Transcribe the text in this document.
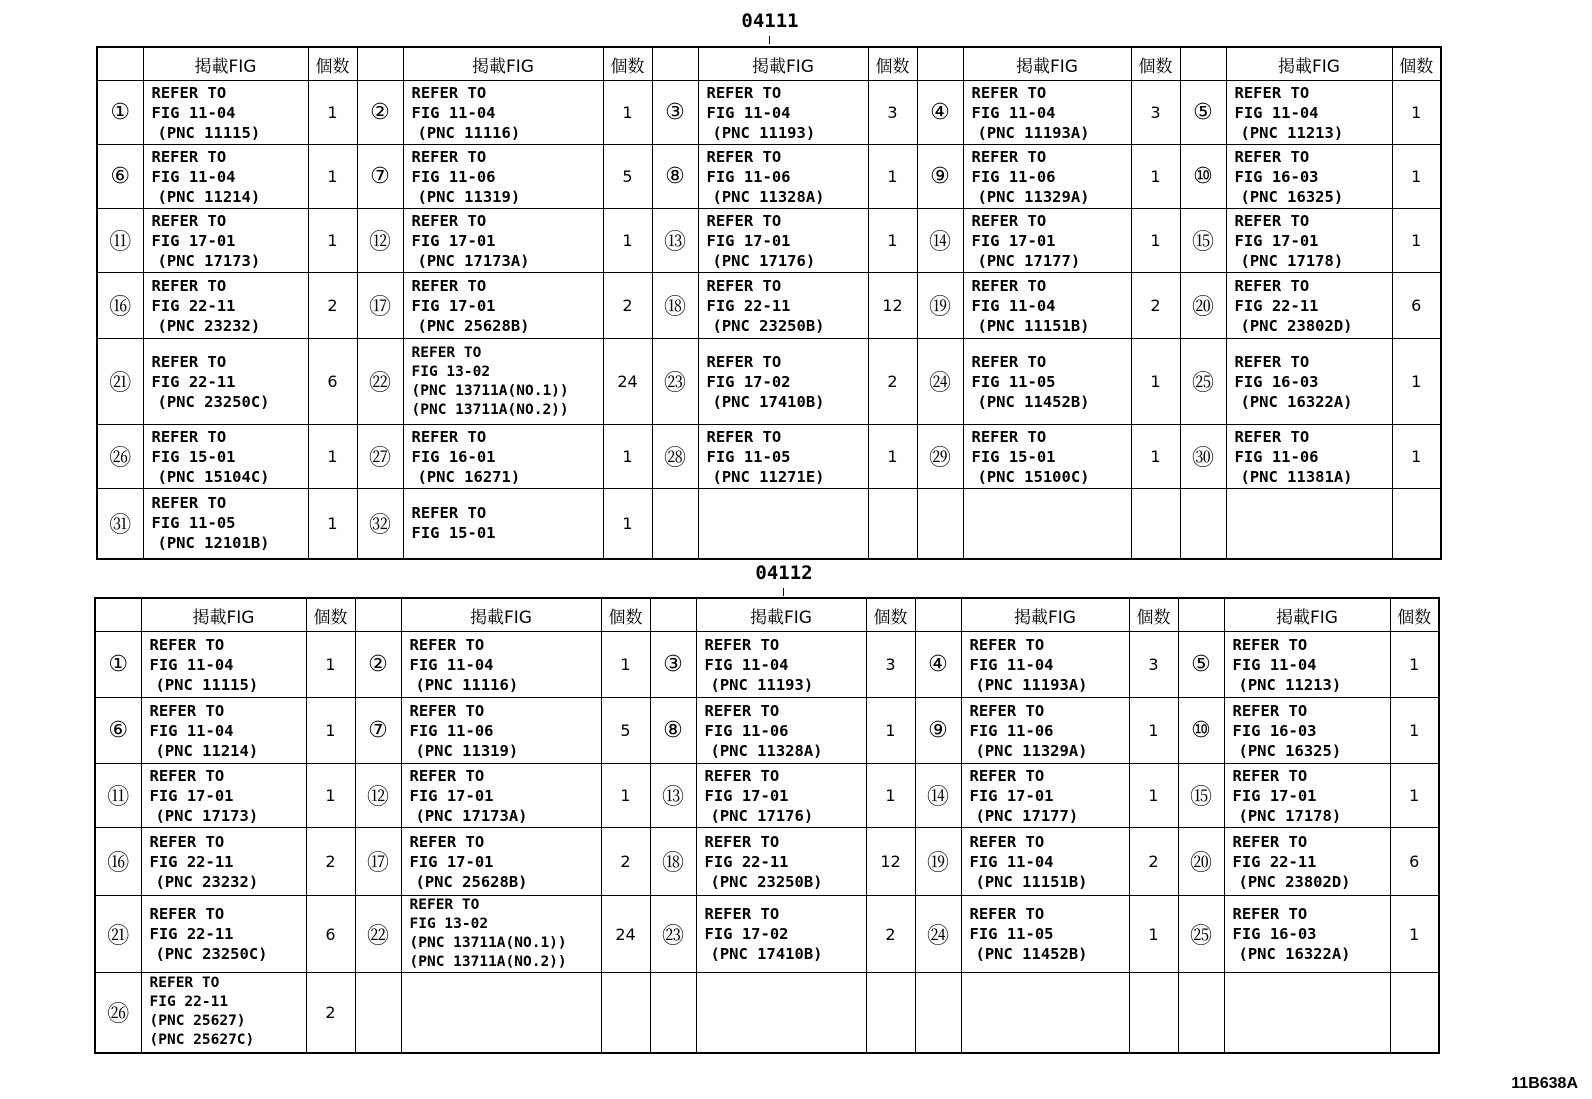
04111
	掲載FIG	個数		掲載FIG	個数		掲載FIG	個数		掲載FIG	個数		掲載FIG	個数
①	REFER TO
FIG 11-04
(PNC 11115)	1	②	REFER TO
FIG 11-04
(PNC 11116)	1	③	REFER TO
FIG 11-04
(PNC 11193)	3	④	REFER TO
FIG 11-04
(PNC 11193A)	3	⑤	REFER TO
FIG 11-04
(PNC 11213)	1
⑥	REFER TO
FIG 11-04
(PNC 11214)	1	⑦	REFER TO
FIG 11-06
(PNC 11319)	5	⑧	REFER TO
FIG 11-06
(PNC 11328A)	1	⑨	REFER TO
FIG 11-06
(PNC 11329A)	1	⑩	REFER TO
FIG 16-03
(PNC 16325)	1
⑪	REFER TO
FIG 17-01
(PNC 17173)	1	⑫	REFER TO
FIG 17-01
(PNC 17173A)	1	⑬	REFER TO
FIG 17-01
(PNC 17176)	1	⑭	REFER TO
FIG 17-01
(PNC 17177)	1	⑮	REFER TO
FIG 17-01
(PNC 17178)	1
⑯	REFER TO
FIG 22-11
(PNC 23232)	2	⑰	REFER TO
FIG 17-01
(PNC 25628B)	2	⑱	REFER TO
FIG 22-11
(PNC 23250B)	12	⑲	REFER TO
FIG 11-04
(PNC 11151B)	2	⑳	REFER TO
FIG 22-11
(PNC 23802D)	6
㉑	REFER TO
FIG 22-11
(PNC 23250C)	6	㉒	REFER TO
FIG 13-02
(PNC 13711A(NO.1))
(PNC 13711A(NO.2))	24	㉓	REFER TO
FIG 17-02
(PNC 17410B)	2	㉔	REFER TO
FIG 11-05
(PNC 11452B)	1	㉕	REFER TO
FIG 16-03
(PNC 16322A)	1
㉖	REFER TO
FIG 15-01
(PNC 15104C)	1	㉗	REFER TO
FIG 16-01
(PNC 16271)	1	㉘	REFER TO
FIG 11-05
(PNC 11271E)	1	㉙	REFER TO
FIG 15-01
(PNC 15100C)	1	㉚	REFER TO
FIG 11-06
(PNC 11381A)	1
㉛	REFER TO
FIG 11-05
(PNC 12101B)	1	㉜	REFER TO
FIG 15-01	1									
04112
	掲載FIG	個数		掲載FIG	個数		掲載FIG	個数		掲載FIG	個数		掲載FIG	個数
①	REFER TO
FIG 11-04
(PNC 11115)	1	②	REFER TO
FIG 11-04
(PNC 11116)	1	③	REFER TO
FIG 11-04
(PNC 11193)	3	④	REFER TO
FIG 11-04
(PNC 11193A)	3	⑤	REFER TO
FIG 11-04
(PNC 11213)	1
⑥	REFER TO
FIG 11-04
(PNC 11214)	1	⑦	REFER TO
FIG 11-06
(PNC 11319)	5	⑧	REFER TO
FIG 11-06
(PNC 11328A)	1	⑨	REFER TO
FIG 11-06
(PNC 11329A)	1	⑩	REFER TO
FIG 16-03
(PNC 16325)	1
⑪	REFER TO
FIG 17-01
(PNC 17173)	1	⑫	REFER TO
FIG 17-01
(PNC 17173A)	1	⑬	REFER TO
FIG 17-01
(PNC 17176)	1	⑭	REFER TO
FIG 17-01
(PNC 17177)	1	⑮	REFER TO
FIG 17-01
(PNC 17178)	1
⑯	REFER TO
FIG 22-11
(PNC 23232)	2	⑰	REFER TO
FIG 17-01
(PNC 25628B)	2	⑱	REFER TO
FIG 22-11
(PNC 23250B)	12	⑲	REFER TO
FIG 11-04
(PNC 11151B)	2	⑳	REFER TO
FIG 22-11
(PNC 23802D)	6
㉑	REFER TO
FIG 22-11
(PNC 23250C)	6	㉒	REFER TO
FIG 13-02
(PNC 13711A(NO.1))
(PNC 13711A(NO.2))	24	㉓	REFER TO
FIG 17-02
(PNC 17410B)	2	㉔	REFER TO
FIG 11-05
(PNC 11452B)	1	㉕	REFER TO
FIG 16-03
(PNC 16322A)	1
㉖	REFER TO
FIG 22-11
(PNC 25627)
(PNC 25627C)	2												
11B638A
